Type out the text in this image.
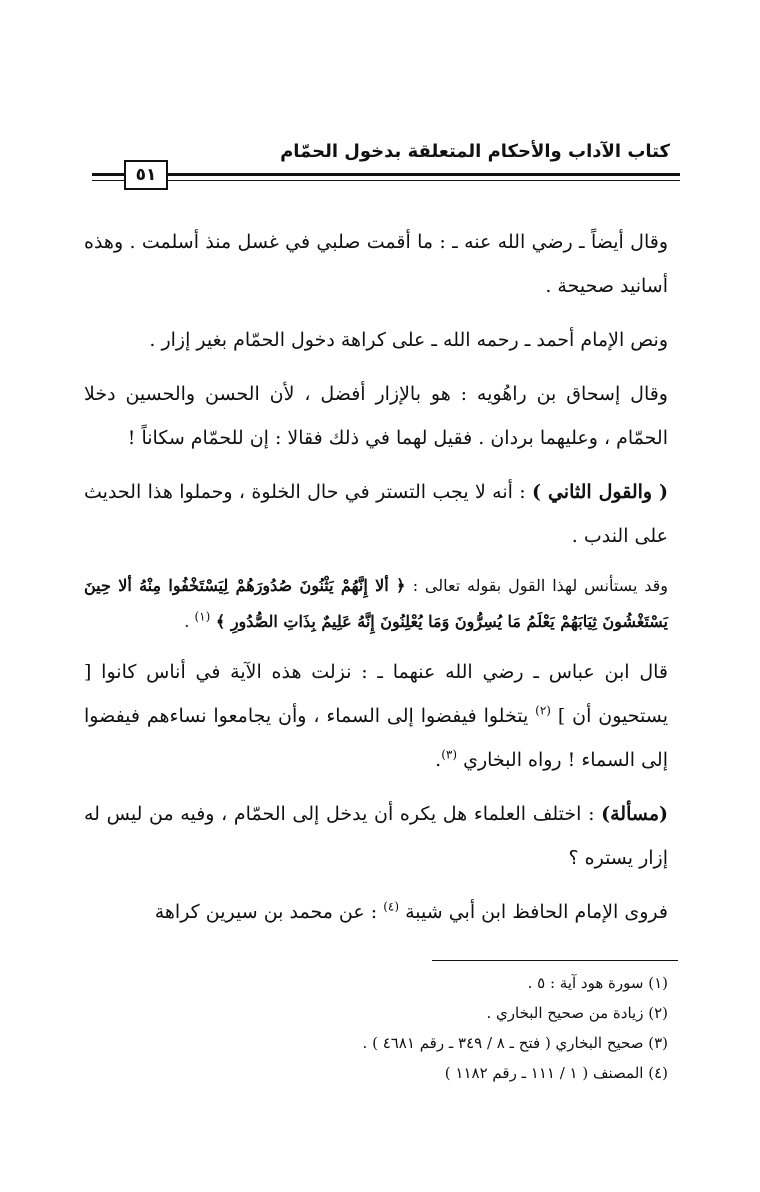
كتاب الآداب والأحكام المتعلقة بدخول الحمّام
٥١

وقال أيضاً ـ رضي الله عنه ـ : ما أقمت صلبي في غسل منذ أسلمت . وهذه أسانيد صحيحة .

ونص الإمام أحمد ـ رحمه الله ـ على كراهة دخول الحمّام بغير إزار .

وقال إسحاق بن راهُويه : هو بالإزار أفضل ، لأن الحسن والحسين دخلا الحمّام ، وعليهما بردان . فقيل لهما في ذلك فقالا : إن للحمّام سكاناً !

( والقول الثاني ) : أنه لا يجب التستر في حال الخلوة ، وحملوا هذا الحديث على الندب .

وقد يستأنس لهذا القول بقوله تعالى : ﴿ ألا إِنَّهُمْ يَثْنُونَ صُدُورَهُمْ لِيَسْتَخْفُوا مِنْهُ ألا حِينَ يَسْتَغْشُونَ ثِيَابَهُمْ يَعْلَمُ مَا يُسِرُّونَ وَمَا يُعْلِنُونَ إِنَّهُ عَلِيمٌ بِذَاتِ الصُّدُورِ ﴾ $^{(١)}$ .

قال ابن عباس ـ رضي الله عنهما ـ : نزلت هذه الآية في أناس كانوا [ يستحيون أن ] $^{(٢)}$ يتخلوا فيفضوا إلى السماء ، وأن يجامعوا نساءهم فيفضوا إلى السماء ! رواه البخاري $^{(٣)}$.

(مسألة) : اختلف العلماء هل يكره أن يدخل إلى الحمّام ، وفيه من ليس له إزار يستره ؟

فروى الإمام الحافظ ابن أبي شيبة $^{(٤)}$ : عن محمد بن سيرين كراهة

(١) سورة هود آية : ٥ .
(٢) زيادة من صحيح البخاري .
(٣) صحيح البخاري ( فتح ـ ٨ / ٣٤٩ ـ رقم ٤٦٨١ ) .
(٤) المصنف ( ١ / ١١١ ـ رقم ١١٨٢ )
